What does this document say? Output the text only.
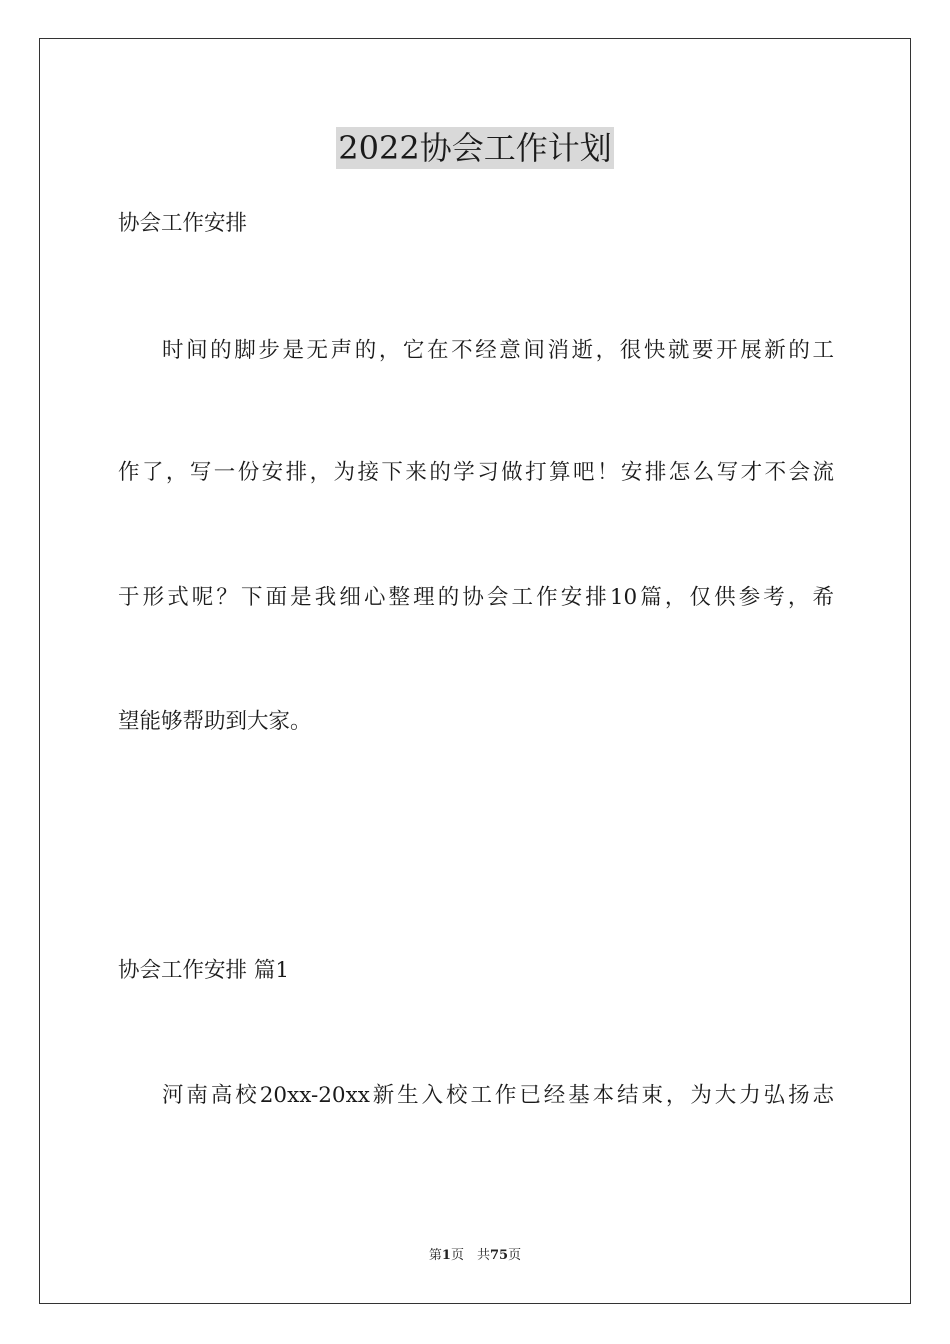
2022协会工作计划
协会工作安排
时间的脚步是无声的，它在不经意间消逝，很快就要开展新的工
作了，写一份安排，为接下来的学习做打算吧！安排怎么写才不会流
于形式呢？下面是我细心整理的协会工作安排10篇，仅供参考，希
望能够帮助到大家。
协会工作安排 篇1
河南高校20xx-20xx新生入校工作已经基本结束，为大力弘扬志
第1页　共75页
